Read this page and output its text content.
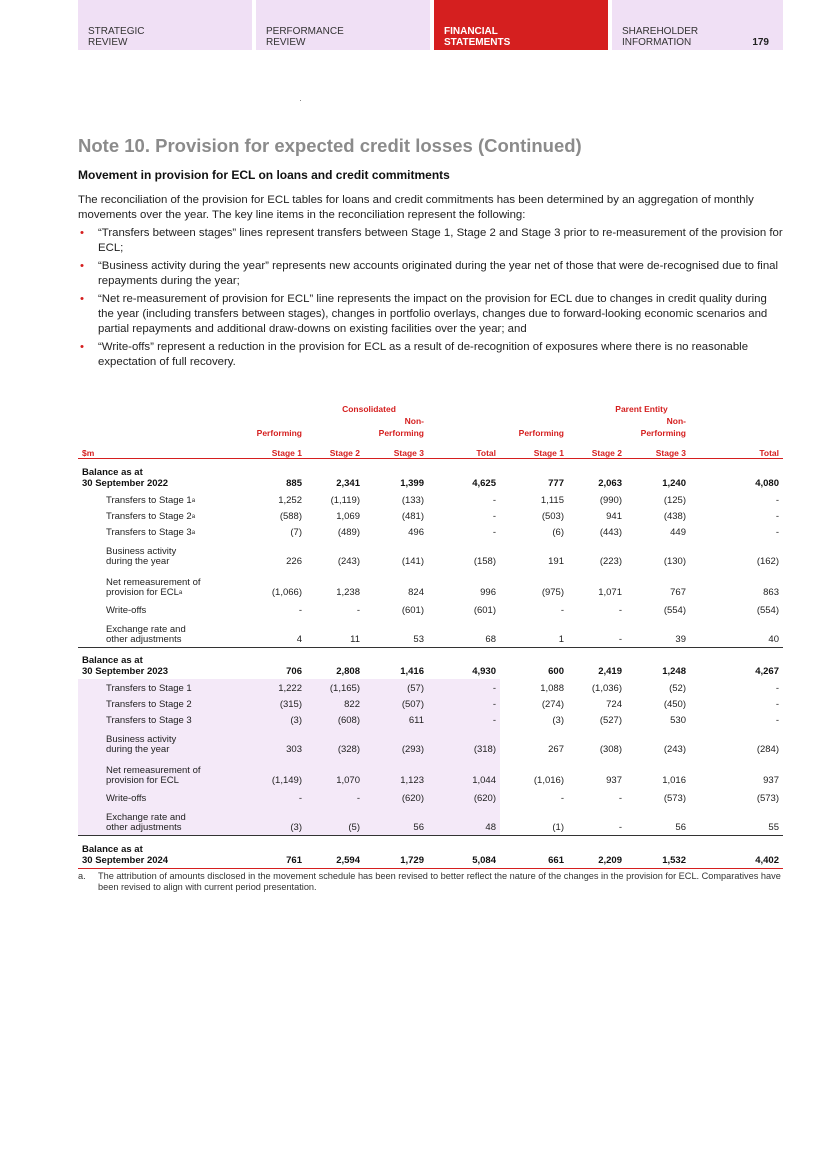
STRATEGIC
REVIEW
PERFORMANCE
REVIEW
FINANCIAL
STATEMENTS
SHAREHOLDER
INFORMATION	179
Note 10. Provision for expected credit losses (Continued)
Movement in provision for ECL on loans and credit commitments

The reconciliation of the provision for ECL tables for loans and credit commitments has been determined by an aggregation of monthly movements over the year. The key line items in the reconciliation represent the following:

• “Transfers between stages” lines represent transfers between Stage 1, Stage 2 and Stage 3 prior to re-measurement of the provision for ECL;
• “Business activity during the year” represents new accounts originated during the year net of those that were de-recognised due to final repayments during the year;
• “Net re-measurement of provision for ECL” line represents the impact on the provision for ECL due to changes in credit quality during the year (including transfers between stages), changes in portfolio overlays, changes due to forward-looking economic scenarios and partial repayments and additional draw-downs on existing facilities over the year; and
• “Write-offs” represent a reduction in the provision for ECL as a result of de-recognition of exposures where there is no reasonable expectation of full recovery.
	Consolidated				Parent Entity			
			Non-				Non-	
	Performing		Performing		Performing		Performing	
$m	Stage 1	Stage 2	Stage 3	Total	Stage 1	Stage 2	Stage 3	Total
Balance as at
30 September 2022	885	2,341	1,399	4,625	777	2,063	1,240	4,080
Transfers to Stage 1$^a$	1,252	(1,119)	(133)	-	1,115	(990)	(125)	-
Transfers to Stage 2$^a$	(588)	1,069	(481)	-	(503)	941	(438)	-
Transfers to Stage 3$^a$	(7)	(489)	496	-	(6)	(443)	449	-
Business activity
during the year	226	(243)	(141)	(158)	191	(223)	(130)	(162)
Net remeasurement of
provision for ECL$^a$	(1,066)	1,238	824	996	(975)	1,071	767	863
Write-offs	-	-	(601)	(601)	-	-	(554)	(554)
Exchange rate and
other adjustments	4	11	53	68	1	-	39	40
Balance as at
30 September 2023	706	2,808	1,416	4,930	600	2,419	1,248	4,267
Transfers to Stage 1	1,222	(1,165)	(57)	-	1,088	(1,036)	(52)	-
Transfers to Stage 2	(315)	822	(507)	-	(274)	724	(450)	-
Transfers to Stage 3	(3)	(608)	611	-	(3)	(527)	530	-
Business activity
during the year	303	(328)	(293)	(318)	267	(308)	(243)	(284)
Net remeasurement of
provision for ECL	(1,149)	1,070	1,123	1,044	(1,016)	937	1,016	937
Write-offs	-	-	(620)	(620)	-	-	(573)	(573)
Exchange rate and
other adjustments	(3)	(5)	56	48	(1)	-	56	55
Balance as at
30 September 2024	761	2,594	1,729	5,084	661	2,209	1,532	4,402

a.	The attribution of amounts disclosed in the movement schedule has been revised to better reflect the nature of the changes in the provision for ECL. Comparatives have been revised to align with current period presentation.
